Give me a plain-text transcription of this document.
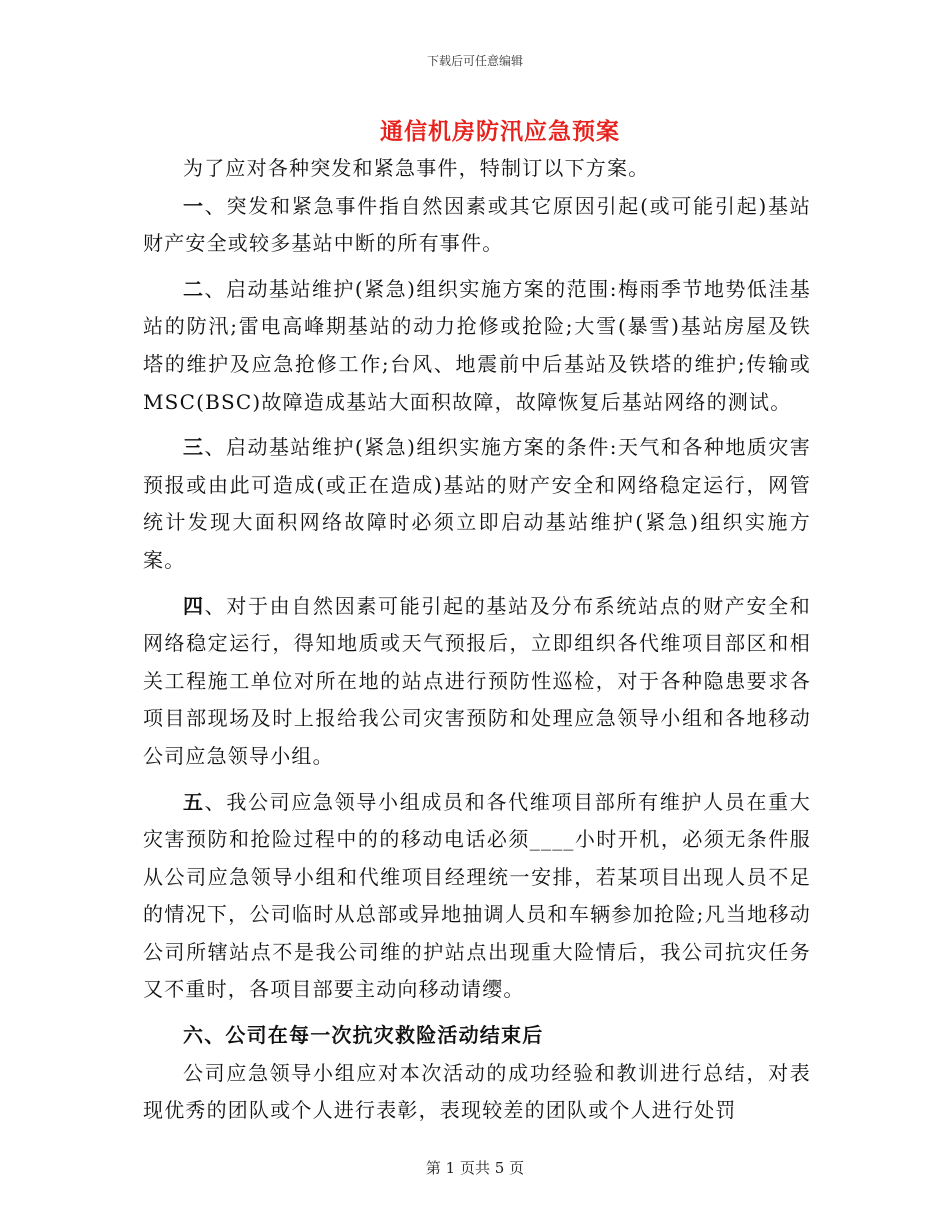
下载后可任意编辑
通信机房防汛应急预案

为了应对各种突发和紧急事件，特制订以下方案。

一、突发和紧急事件指自然因素或其它原因引起(或可能引起)基站财产安全或较多基站中断的所有事件。

二、启动基站维护(紧急)组织实施方案的范围:梅雨季节地势低洼基站的防汛;雷电高峰期基站的动力抢修或抢险;大雪(暴雪)基站房屋及铁塔的维护及应急抢修工作;台风、地震前中后基站及铁塔的维护;传输或MSC(BSC)故障造成基站大面积故障，故障恢复后基站网络的测试。

三、启动基站维护(紧急)组织实施方案的条件:天气和各种地质灾害预报或由此可造成(或正在造成)基站的财产安全和网络稳定运行，网管统计发现大面积网络故障时必须立即启动基站维护(紧急)组织实施方案。

四、对于由自然因素可能引起的基站及分布系统站点的财产安全和网络稳定运行，得知地质或天气预报后，立即组织各代维项目部区和相关工程施工单位对所在地的站点进行预防性巡检，对于各种隐患要求各项目部现场及时上报给我公司灾害预防和处理应急领导小组和各地移动公司应急领导小组。

五、我公司应急领导小组成员和各代维项目部所有维护人员在重大灾害预防和抢险过程中的的移动电话必须____小时开机，必须无条件服从公司应急领导小组和代维项目经理统一安排，若某项目出现人员不足的情况下，公司临时从总部或异地抽调人员和车辆参加抢险;凡当地移动公司所辖站点不是我公司维的护站点出现重大险情后，我公司抗灾任务又不重时，各项目部要主动向移动请缨。

六、公司在每一次抗灾救险活动结束后

公司应急领导小组应对本次活动的成功经验和教训进行总结，对表现优秀的团队或个人进行表彰，表现较差的团队或个人进行处罚

第 1 页共 5 页
